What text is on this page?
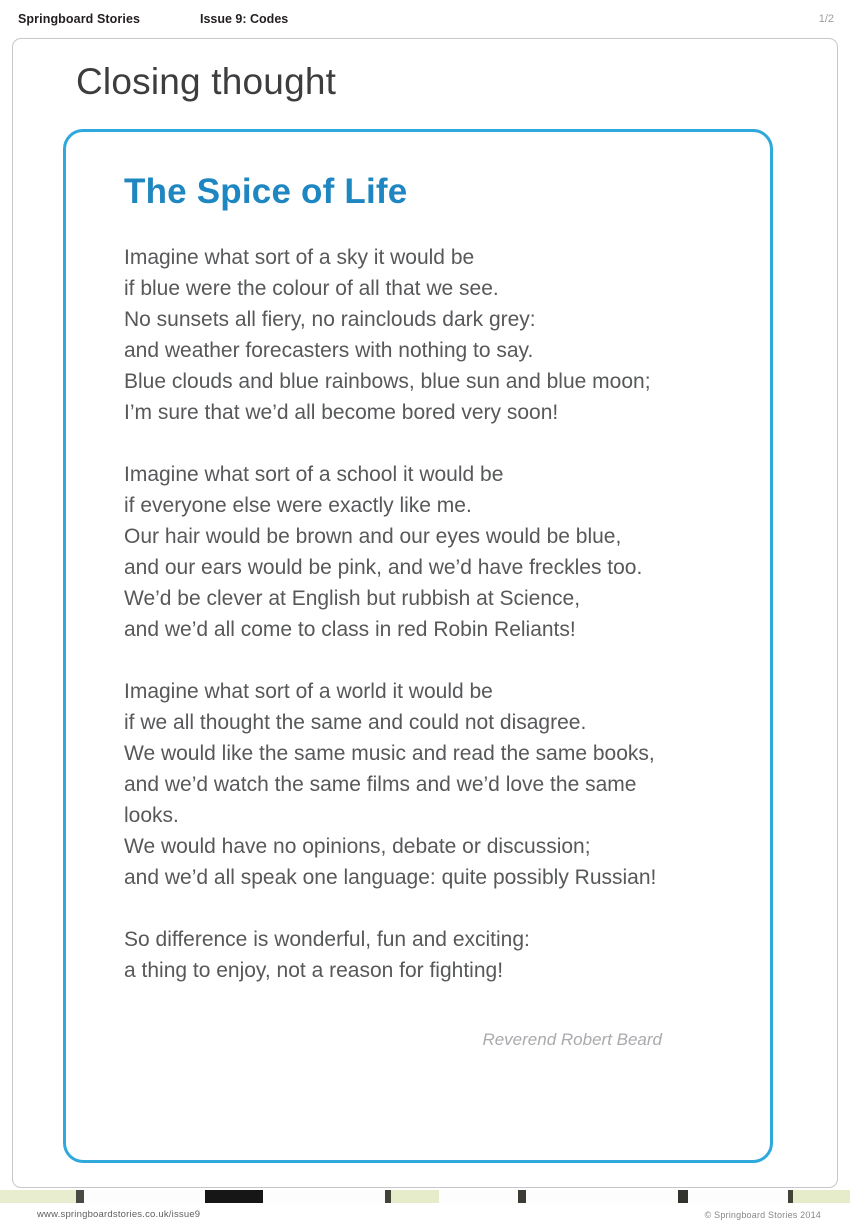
Springboard Stories	Issue 9: Codes	1/2
Closing thought
The Spice of Life
Imagine what sort of a sky it would be
if blue were the colour of all that we see.
No sunsets all fiery, no rainclouds dark grey:
and weather forecasters with nothing to say.
Blue clouds and blue rainbows, blue sun and blue moon;
I’m sure that we’d all become bored very soon!
Imagine what sort of a school it would be
if everyone else were exactly like me.
Our hair would be brown and our eyes would be blue,
and our ears would be pink, and we’d have freckles too.
We’d be clever at English but rubbish at Science,
and we’d all come to class in red Robin Reliants!
Imagine what sort of a world it would be
if we all thought the same and could not disagree.
We would like the same music and read the same books,
and we’d watch the same films and we’d love the same
looks.
We would have no opinions, debate or discussion;
and we’d all speak one language: quite possibly Russian!
So difference is wonderful, fun and exciting:
a thing to enjoy, not a reason for fighting!
Reverend Robert Beard
www.springboardstories.co.uk/issue9	© Springboard Stories 2014
